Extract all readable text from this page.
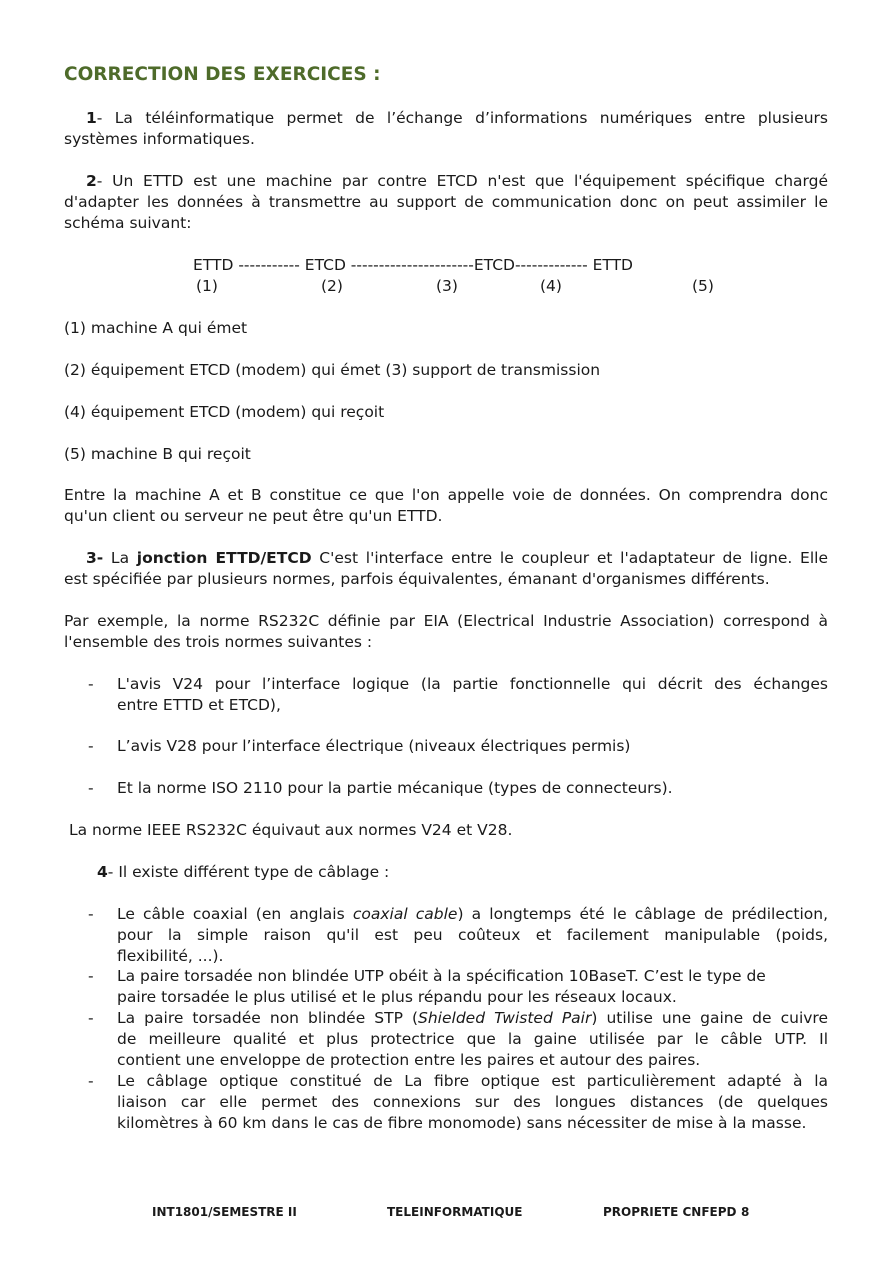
CORRECTION DES EXERCICES :
1- La téléinformatique permet de l’échange d’informations numériques entre plusieurs
systèmes informatiques.
2- Un ETTD est une machine par contre ETCD n'est que l'équipement spécifique chargé
d'adapter les données à transmettre au support de communication donc on peut assimiler le
schéma suivant:
ETTD ----------- ETCD ----------------------ETCD------------- ETTD
(1)	(2)	(3)	(4)	(5)
(1) machine A qui émet
(2) équipement ETCD (modem) qui émet (3) support de transmission
(4) équipement ETCD (modem) qui reçoit
(5) machine B qui reçoit
Entre la machine A et B constitue ce que l'on appelle voie de données. On comprendra donc
qu'un client ou serveur ne peut être qu'un ETTD.
3- La jonction ETTD/ETCD C'est l'interface entre le coupleur et l'adaptateur de ligne. Elle
est spécifiée par plusieurs normes, parfois équivalentes, émanant d'organismes différents.
Par exemple, la norme RS232C définie par EIA (Electrical Industrie Association) correspond à
l'ensemble des trois normes suivantes :
- L'avis V24 pour l’interface logique (la partie fonctionnelle qui décrit des échanges
entre ETTD et ETCD),
- L’avis V28 pour l’interface électrique (niveaux électriques permis)
- Et la norme ISO 2110 pour la partie mécanique (types de connecteurs).
La norme IEEE RS232C équivaut aux normes V24 et V28.
4- Il existe différent type de câblage :
- Le câble coaxial (en anglais coaxial cable) a longtemps été le câblage de prédilection,
pour la simple raison qu'il est peu coûteux et facilement manipulable (poids,
flexibilité, ...).
- La paire torsadée non blindée UTP obéit à la spécification 10BaseT. C’est le type de
paire torsadée le plus utilisé et le plus répandu pour les réseaux locaux.
- La paire torsadée non blindée STP (Shielded Twisted Pair) utilise une gaine de cuivre
de meilleure qualité et plus protectrice que la gaine utilisée par le câble UTP. Il
contient une enveloppe de protection entre les paires et autour des paires.
- Le câblage optique constitué de La fibre optique est particulièrement adapté à la
liaison car elle permet des connexions sur des longues distances (de quelques
kilomètres à 60 km dans le cas de fibre monomode) sans nécessiter de mise à la masse.
INT1801/SEMESTRE II	TELEINFORMATIQUE	PROPRIETE CNFEPD 8
